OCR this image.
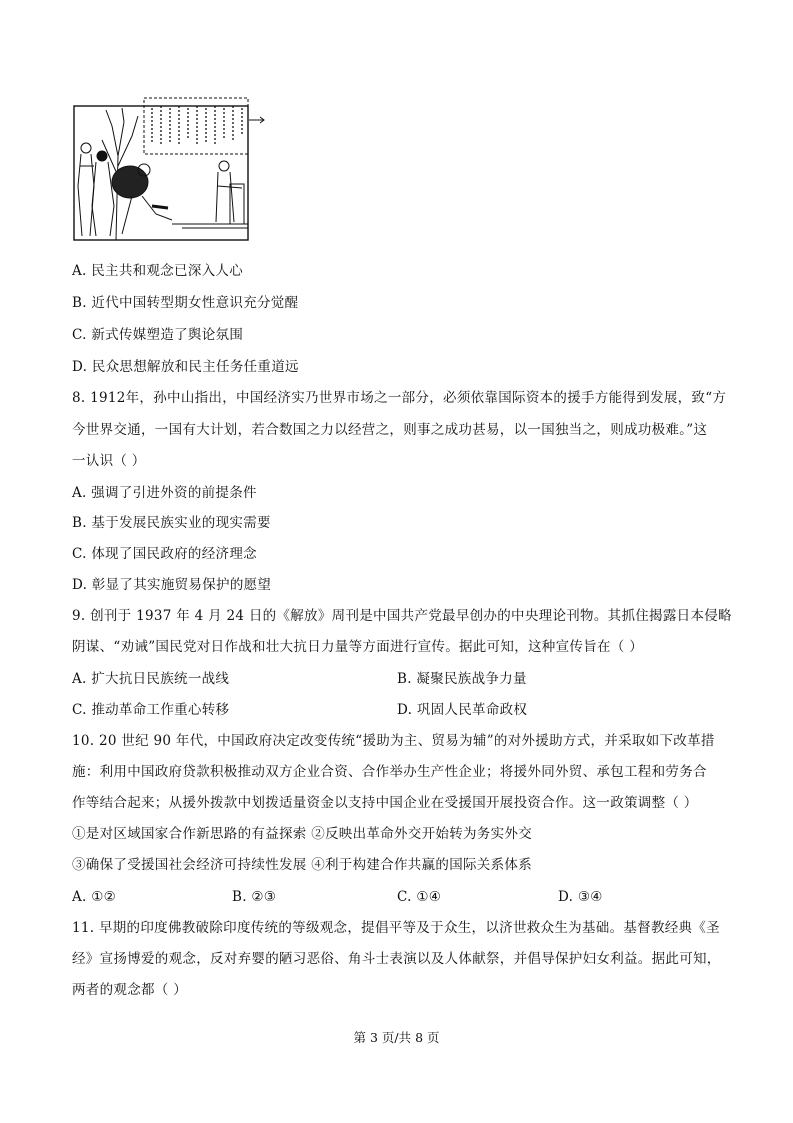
A. 民主共和观念已深入人心
B. 近代中国转型期女性意识充分觉醒
C. 新式传媒塑造了舆论氛围
D. 民众思想解放和民主任务任重道远
8. 1912年，孙中山指出，中国经济实乃世界市场之一部分，必须依靠国际资本的援手方能得到发展，致“方
今世界交通，一国有大计划，若合数国之力以经营之，则事之成功甚易，以一国独当之，则成功极难。”这
一认识（ ）
A. 强调了引进外资的前提条件
B. 基于发展民族实业的现实需要
C. 体现了国民政府的经济理念
D. 彰显了其实施贸易保护的愿望
9. 创刊于 1937 年 4 月 24 日的《解放》周刊是中国共产党最早创办的中央理论刊物。其抓住揭露日本侵略
阴谋、“劝诫”国民党对日作战和壮大抗日力量等方面进行宣传。据此可知，这种宣传旨在（ ）
A. 扩大抗日民族统一战线	B. 凝聚民族战争力量
C. 推动革命工作重心转移	D. 巩固人民革命政权
10. 20 世纪 90 年代，中国政府决定改变传统“援助为主、贸易为辅”的对外援助方式，并采取如下改革措
施：利用中国政府贷款积极推动双方企业合资、合作举办生产性企业；将援外同外贸、承包工程和劳务合
作等结合起来；从援外拨款中划拨适量资金以支持中国企业在受援国开展投资合作。这一政策调整（ ）
①是对区域国家合作新思路的有益探索 ②反映出革命外交开始转为务实外交
③确保了受援国社会经济可持续性发展 ④利于构建合作共赢的国际关系体系
A. ①②	B. ②③	C. ①④	D. ③④
11. 早期的印度佛教破除印度传统的等级观念，提倡平等及于众生，以济世救众生为基础。基督教经典《圣
经》宣扬博爱的观念，反对弃婴的陋习恶俗、角斗士表演以及人体献祭，并倡导保护妇女利益。据此可知，
两者的观念都（ ）
第 3 页/共 8 页
